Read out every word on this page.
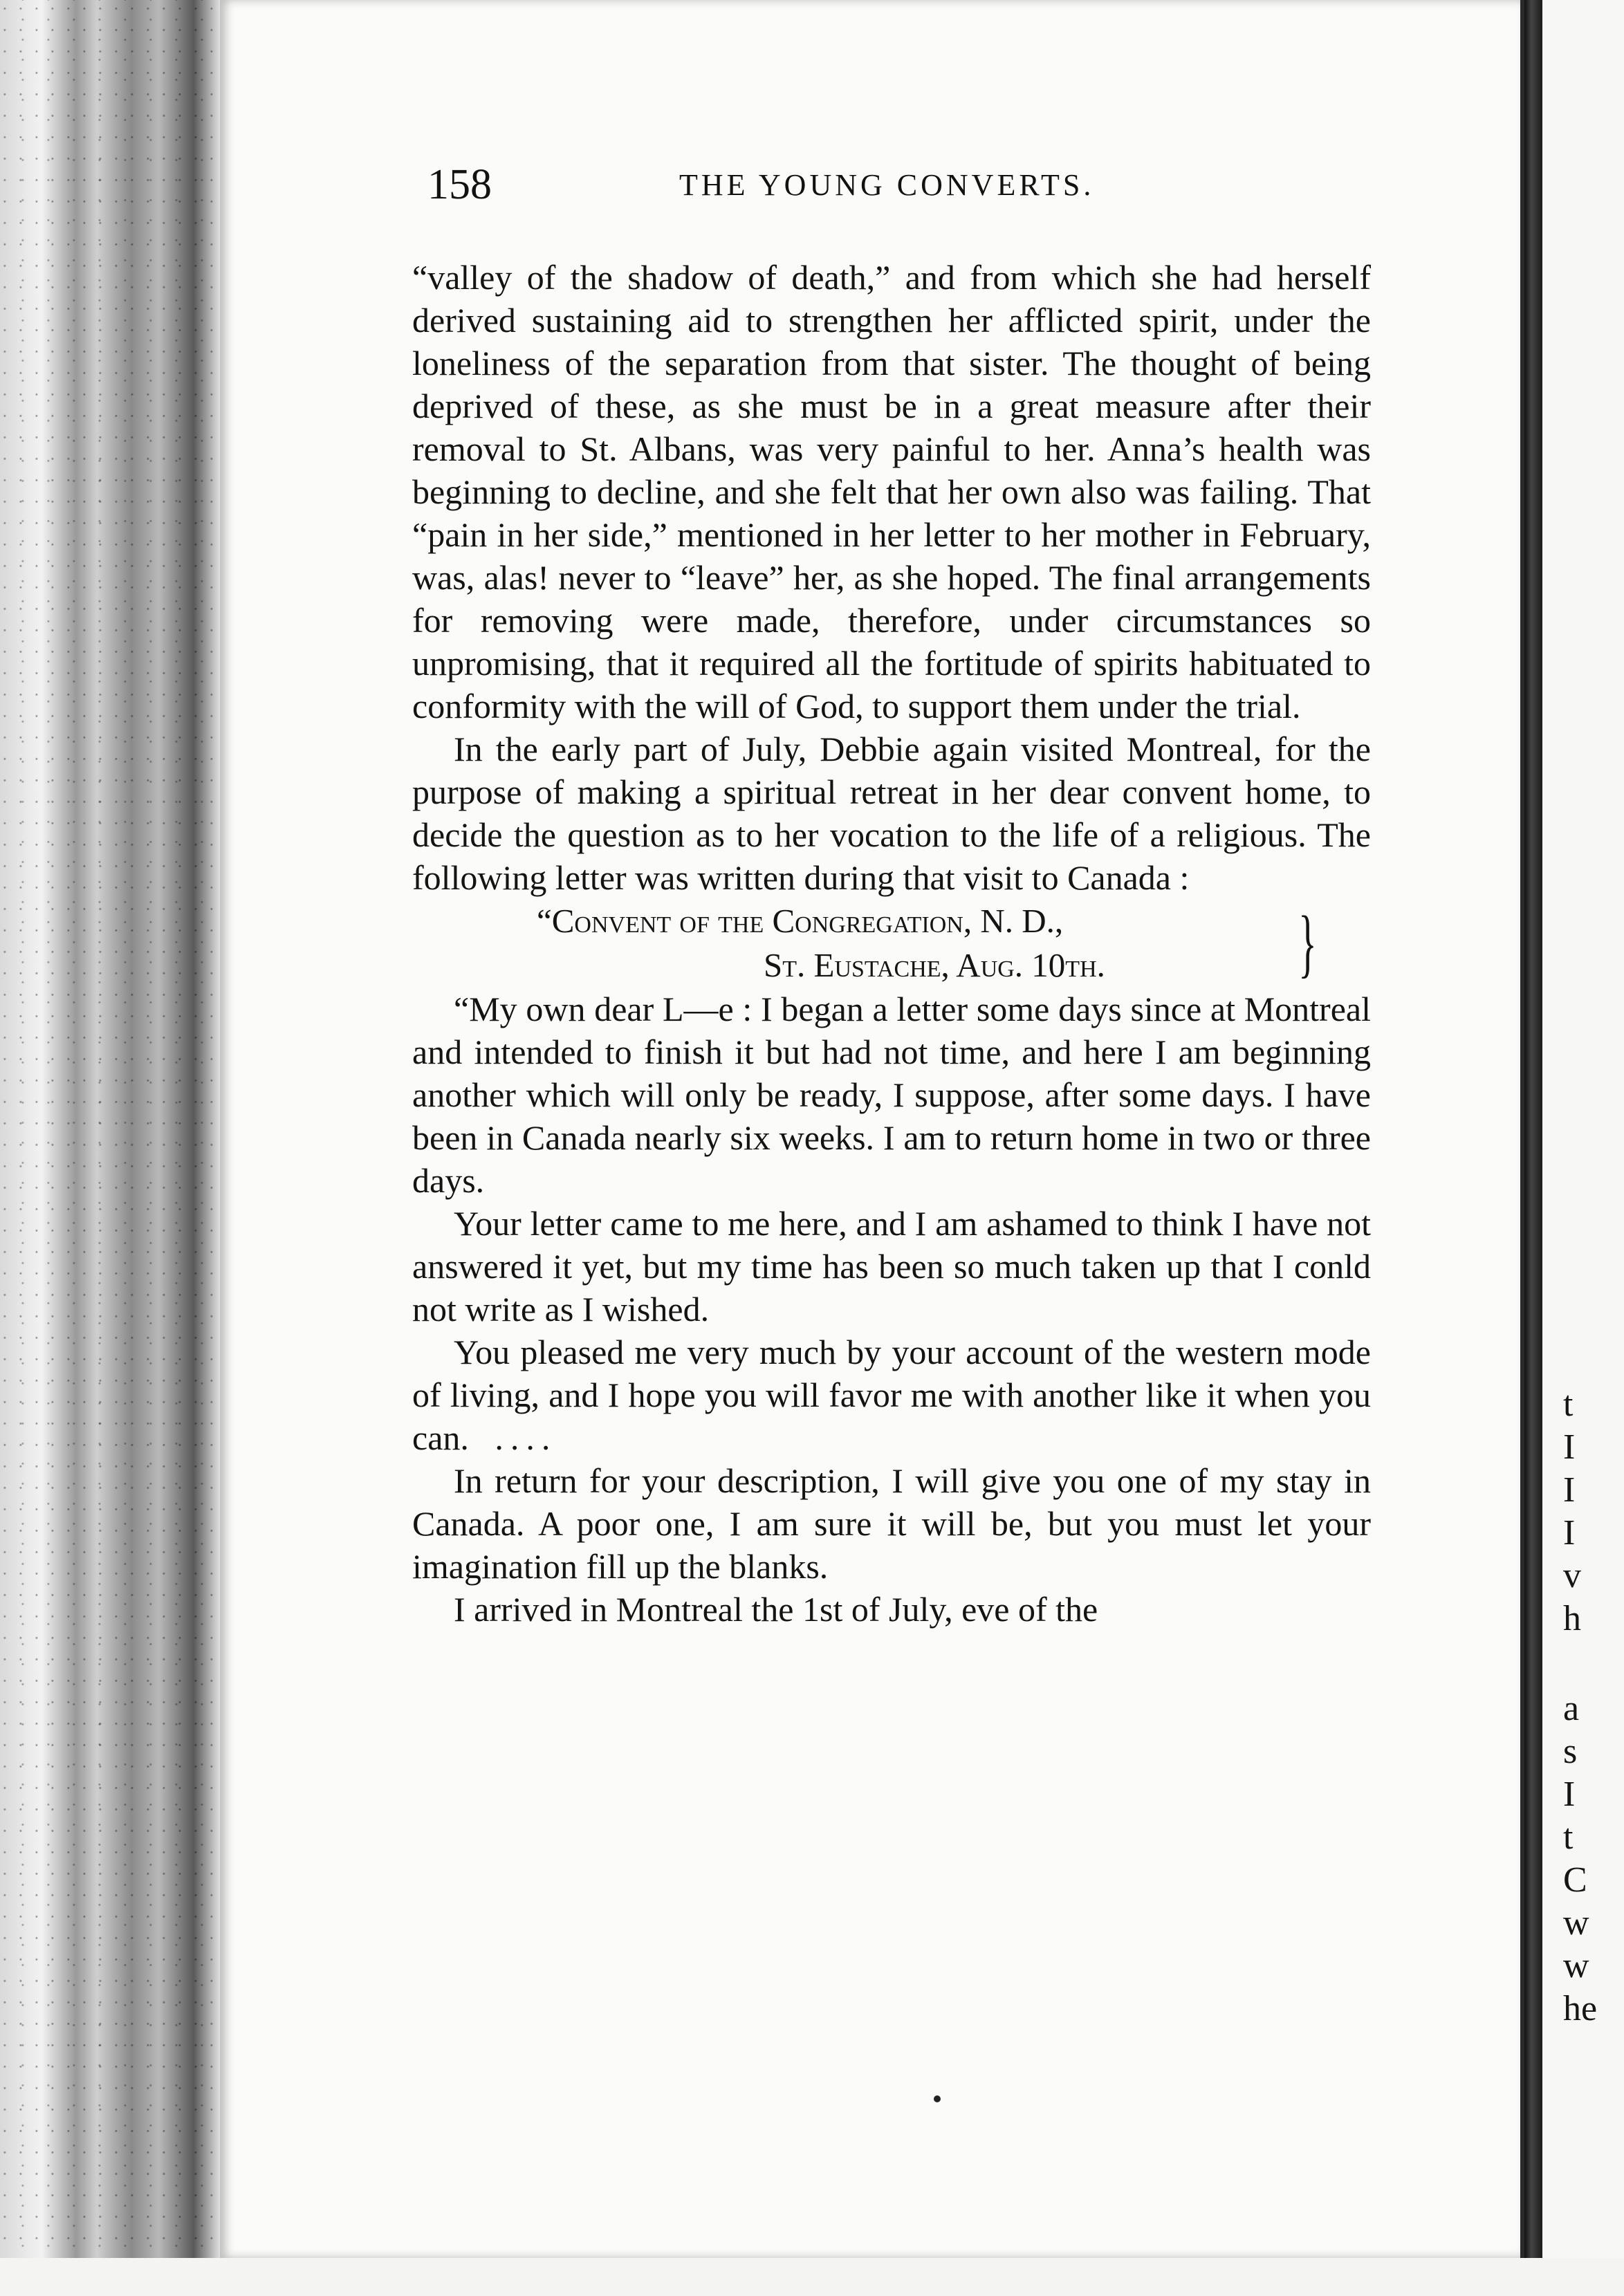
t
I
I
I
v
h
a
s
I
t
C
w
w
he
158	THE YOUNG CONVERTS.

“valley of the shadow of death,” and from which she had herself derived sustaining aid to strengthen her afflicted spirit, under the loneliness of the separation from that sister. The thought of being deprived of these, as she must be in a great measure after their removal to St. Albans, was very painful to her. Anna’s health was beginning to decline, and she felt that her own also was failing. That “pain in her side,” mentioned in her letter to her mother in February, was, alas! never to “leave” her, as she hoped. The final arrangements for removing were made, therefore, under circumstances so unpromising, that it required all the fortitude of spirits habituated to conformity with the will of God, to support them under the trial.

In the early part of July, Debbie again visited Montreal, for the purpose of making a spiritual retreat in her dear convent home, to decide the question as to her vocation to the life of a religious. The following letter was written during that visit to Canada :

“Convent of the Congregation, N. D.,
St. Eustache, Aug. 10th.	}

“My own dear L—e : I began a letter some days since at Montreal and intended to finish it but had not time, and here I am beginning another which will only be ready, I suppose, after some days. I have been in Canada nearly six weeks. I am to return home in two or three days.

Your letter came to me here, and I am ashamed to think I have not answered it yet, but my time has been so much taken up that I conld not write as I wished.

You pleased me very much by your account of the western mode of living, and I hope you will favor me with another like it when you can. ....

In return for your description, I will give you one of my stay in Canada. A poor one, I am sure it will be, but you must let your imagination fill up the blanks.

I arrived in Montreal the 1st of July, eve of the
